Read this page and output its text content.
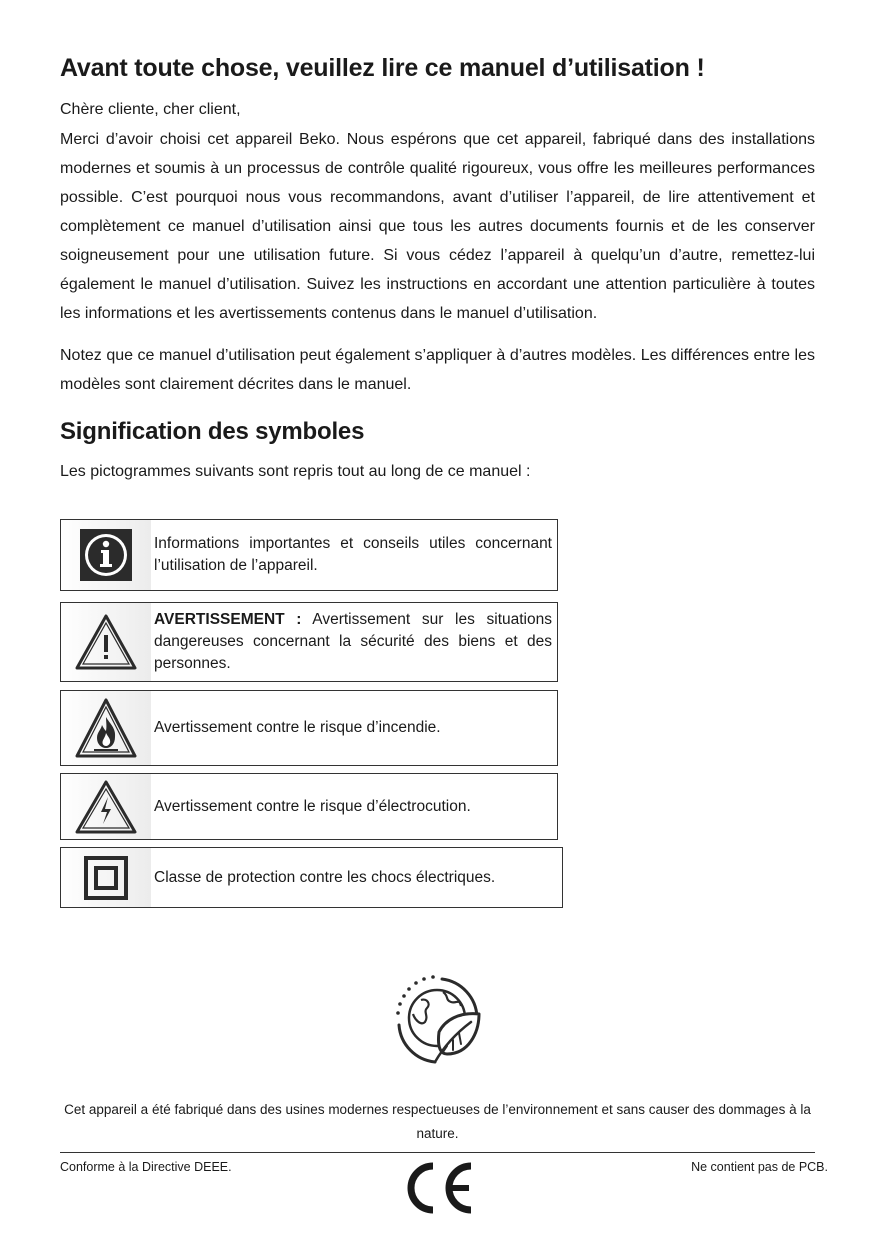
Avant toute chose, veuillez lire ce manuel d’utilisation !

Chère cliente, cher client,

Merci d’avoir choisi cet appareil Beko. Nous espérons que cet appareil, fabriqué dans des installations modernes et soumis à un processus de contrôle qualité rigoureux, vous offre les meilleures performances possible. C’est pourquoi nous vous recommandons, avant d’utiliser l’appareil, de lire attentivement et complètement ce manuel d’utilisation ainsi que tous les autres documents fournis et de les conserver soigneusement pour une utilisation future. Si vous cédez l’appareil à quelqu’un d’autre, remettez-lui également le manuel d’utilisation. Suivez les instructions en accordant une attention particulière à toutes les informations et les avertissements contenus dans le manuel d’utilisation.

Notez que ce manuel d’utilisation peut également s’appliquer à d’autres modèles. Les différences entre les modèles sont clairement décrites dans le manuel.

Signification des symboles

Les pictogrammes suivants sont repris tout au long de ce manuel :

Informations importantes et conseils utiles concernant l’utilisation de l’appareil.
AVERTISSEMENT : Avertissement sur les situations dangereuses concernant la sécurité des biens et des personnes.
Avertissement contre le risque d’incendie.
Avertissement contre le risque d’électrocution.
Classe de protection contre les chocs électriques.

Cet appareil a été fabriqué dans des usines modernes respectueuses de l’environnement et sans causer des dommages à la nature.

Conforme à la Directive DEEE.	Ne contient pas de PCB.
